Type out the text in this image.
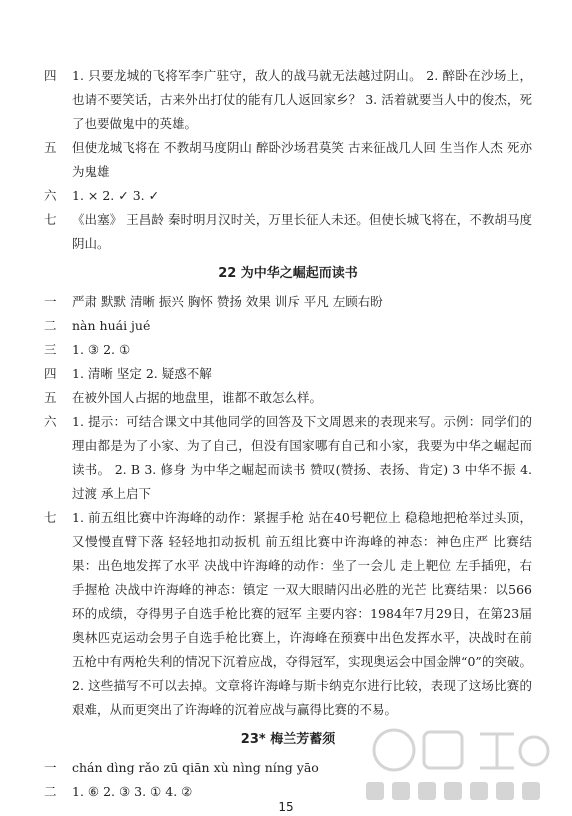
四	1. 只要龙城的飞将军李广驻守，敌人的战马就无法越过阴山。 2. 醉卧在沙场上，也请不要笑话，古来外出打仗的能有几人返回家乡？ 3. 活着就要当人中的俊杰，死了也要做鬼中的英雄。
五	但使龙城飞将在 不教胡马度阴山 醉卧沙场君莫笑 古来征战几人回 生当作人杰 死亦为鬼雄
六	1. × 2. ✓ 3. ✓
七	《出塞》 王昌龄 秦时明月汉时关，万里长征人未还。但使长城飞将在，不教胡马度阴山。
22 为中华之崛起而读书
一	严肃 默默 清晰 振兴 胸怀 赞扬 效果 训斥 平凡 左顾右盼
二	nàn huái jué
三	1. ③ 2. ①
四	1. 清晰 坚定 2. 疑惑不解
五	在被外国人占据的地盘里，谁都不敢怎么样。
六	1. 提示：可结合课文中其他同学的回答及下文周恩来的表现来写。示例：同学们的理由都是为了小家、为了自己，但没有国家哪有自己和小家，我要为中华之崛起而读书。 2. B 3. 修身 为中华之崛起而读书 赞叹(赞扬、表扬、肯定) 3 中华不振 4. 过渡 承上启下
七	1. 前五组比赛中许海峰的动作：紧握手枪 站在40号靶位上 稳稳地把枪举过头顶，又慢慢直臂下落 轻轻地扣动扳机 前五组比赛中许海峰的神态：神色庄严 比赛结果：出色地发挥了水平 决战中许海峰的动作：坐了一会儿 走上靶位 左手插兜，右手握枪 决战中许海峰的神态：镇定 一双大眼睛闪出必胜的光芒 比赛结果：以566环的成绩，夺得男子自选手枪比赛的冠军 主要内容：1984年7月29日，在第23届奥林匹克运动会男子自选手枪比赛上，许海峰在预赛中出色发挥水平，决战时在前五枪中有两枪失利的情况下沉着应战，夺得冠军，实现奥运会中国金牌“0”的突破。 2. 这些描写不可以去掉。文章将许海峰与斯卡纳克尔进行比较，表现了这场比赛的艰难，从而更突出了许海峰的沉着应战与赢得比赛的不易。
23* 梅兰芳蓄须
一	chán dìng rǎo zū qiān xù nìng níng yāo
二	1. ⑥ 2. ③ 3. ① 4. ②
15
